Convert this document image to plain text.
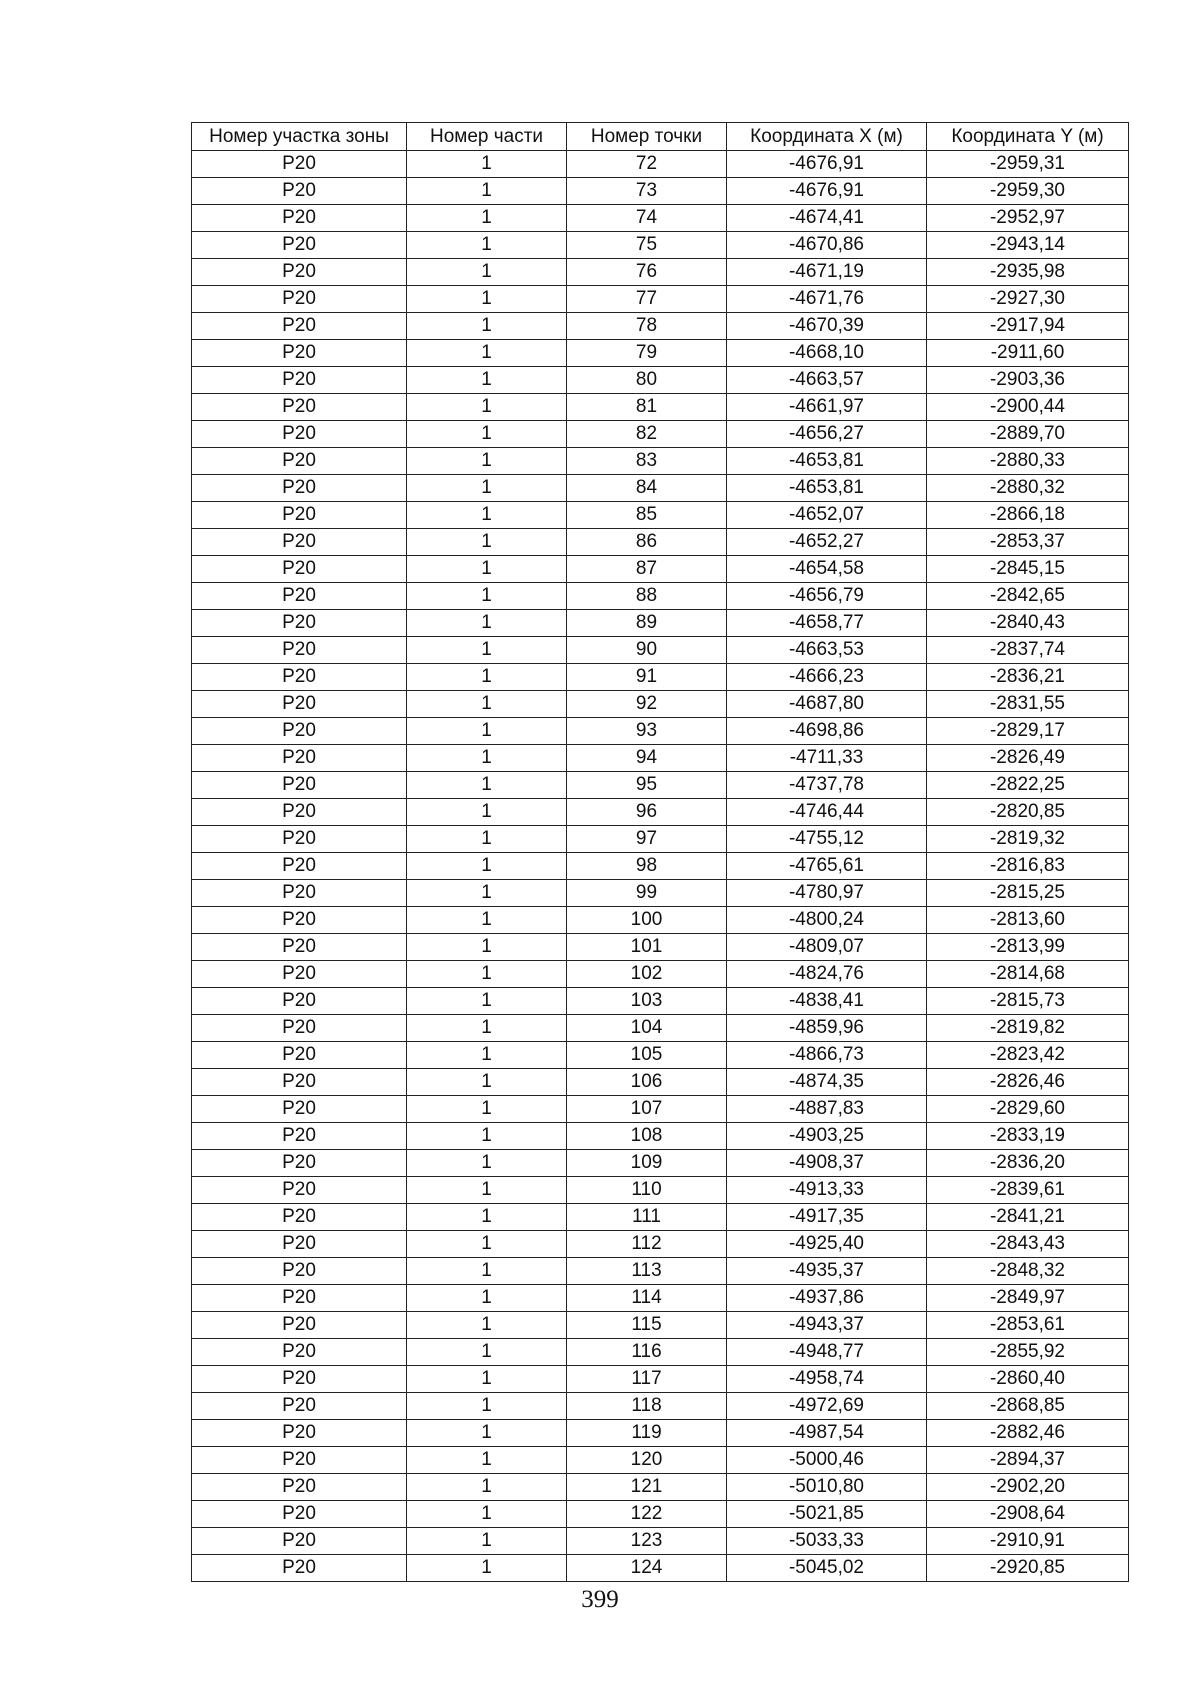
Номер участка зоны	Номер части	Номер точки	Координата X (м)	Координата Y (м)
Р20	1	72	-4676,91	-2959,31
Р20	1	73	-4676,91	-2959,30
Р20	1	74	-4674,41	-2952,97
Р20	1	75	-4670,86	-2943,14
Р20	1	76	-4671,19	-2935,98
Р20	1	77	-4671,76	-2927,30
Р20	1	78	-4670,39	-2917,94
Р20	1	79	-4668,10	-2911,60
Р20	1	80	-4663,57	-2903,36
Р20	1	81	-4661,97	-2900,44
Р20	1	82	-4656,27	-2889,70
Р20	1	83	-4653,81	-2880,33
Р20	1	84	-4653,81	-2880,32
Р20	1	85	-4652,07	-2866,18
Р20	1	86	-4652,27	-2853,37
Р20	1	87	-4654,58	-2845,15
Р20	1	88	-4656,79	-2842,65
Р20	1	89	-4658,77	-2840,43
Р20	1	90	-4663,53	-2837,74
Р20	1	91	-4666,23	-2836,21
Р20	1	92	-4687,80	-2831,55
Р20	1	93	-4698,86	-2829,17
Р20	1	94	-4711,33	-2826,49
Р20	1	95	-4737,78	-2822,25
Р20	1	96	-4746,44	-2820,85
Р20	1	97	-4755,12	-2819,32
Р20	1	98	-4765,61	-2816,83
Р20	1	99	-4780,97	-2815,25
Р20	1	100	-4800,24	-2813,60
Р20	1	101	-4809,07	-2813,99
Р20	1	102	-4824,76	-2814,68
Р20	1	103	-4838,41	-2815,73
Р20	1	104	-4859,96	-2819,82
Р20	1	105	-4866,73	-2823,42
Р20	1	106	-4874,35	-2826,46
Р20	1	107	-4887,83	-2829,60
Р20	1	108	-4903,25	-2833,19
Р20	1	109	-4908,37	-2836,20
Р20	1	110	-4913,33	-2839,61
Р20	1	111	-4917,35	-2841,21
Р20	1	112	-4925,40	-2843,43
Р20	1	113	-4935,37	-2848,32
Р20	1	114	-4937,86	-2849,97
Р20	1	115	-4943,37	-2853,61
Р20	1	116	-4948,77	-2855,92
Р20	1	117	-4958,74	-2860,40
Р20	1	118	-4972,69	-2868,85
Р20	1	119	-4987,54	-2882,46
Р20	1	120	-5000,46	-2894,37
Р20	1	121	-5010,80	-2902,20
Р20	1	122	-5021,85	-2908,64
Р20	1	123	-5033,33	-2910,91
Р20	1	124	-5045,02	-2920,85
399
